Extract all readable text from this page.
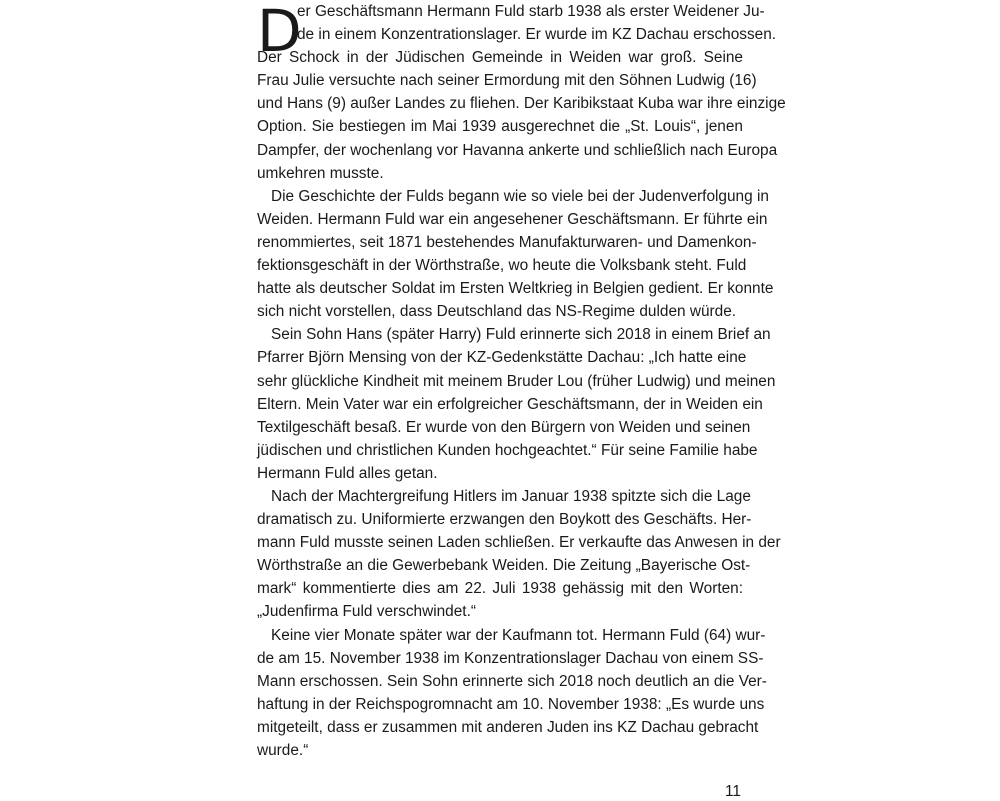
D
er Geschäftsmann Hermann Fuld starb 1938 als erster Weidener Ju-
de in einem Konzentrationslager. Er wurde im KZ Dachau erschossen.
Der Schock in der Jüdischen Gemeinde in Weiden war groß. Seine
Frau Julie versuchte nach seiner Ermordung mit den Söhnen Ludwig (16)
und Hans (9) außer Landes zu fliehen. Der Karibikstaat Kuba war ihre einzige
Option. Sie bestiegen im Mai 1939 ausgerechnet die „St. Louis“, jenen
Dampfer, der wochenlang vor Havanna ankerte und schließlich nach Europa
umkehren musste.
Die Geschichte der Fulds begann wie so viele bei der Judenverfolgung in
Weiden. Hermann Fuld war ein angesehener Geschäftsmann. Er führte ein
renommiertes, seit 1871 bestehendes Manufakturwaren- und Damenkon-
fektionsgeschäft in der Wörthstraße, wo heute die Volksbank steht. Fuld
hatte als deutscher Soldat im Ersten Weltkrieg in Belgien gedient. Er konnte
sich nicht vorstellen, dass Deutschland das NS-Regime dulden würde.
Sein Sohn Hans (später Harry) Fuld erinnerte sich 2018 in einem Brief an
Pfarrer Björn Mensing von der KZ-Gedenkstätte Dachau: „Ich hatte eine
sehr glückliche Kindheit mit meinem Bruder Lou (früher Ludwig) und meinen
Eltern. Mein Vater war ein erfolgreicher Geschäftsmann, der in Weiden ein
Textilgeschäft besaß. Er wurde von den Bürgern von Weiden und seinen
jüdischen und christlichen Kunden hochgeachtet.“ Für seine Familie habe
Hermann Fuld alles getan.
Nach der Machtergreifung Hitlers im Januar 1938 spitzte sich die Lage
dramatisch zu. Uniformierte erzwangen den Boykott des Geschäfts. Her-
mann Fuld musste seinen Laden schließen. Er verkaufte das Anwesen in der
Wörthstraße an die Gewerbebank Weiden. Die Zeitung „Bayerische Ost-
mark“ kommentierte dies am 22. Juli 1938 gehässig mit den Worten:
„Judenfirma Fuld verschwindet.“
Keine vier Monate später war der Kaufmann tot. Hermann Fuld (64) wur-
de am 15. November 1938 im Konzentrationslager Dachau von einem SS-
Mann erschossen. Sein Sohn erinnerte sich 2018 noch deutlich an die Ver-
haftung in der Reichspogromnacht am 10. November 1938: „Es wurde uns
mitgeteilt, dass er zusammen mit anderen Juden ins KZ Dachau gebracht
wurde.“
11
